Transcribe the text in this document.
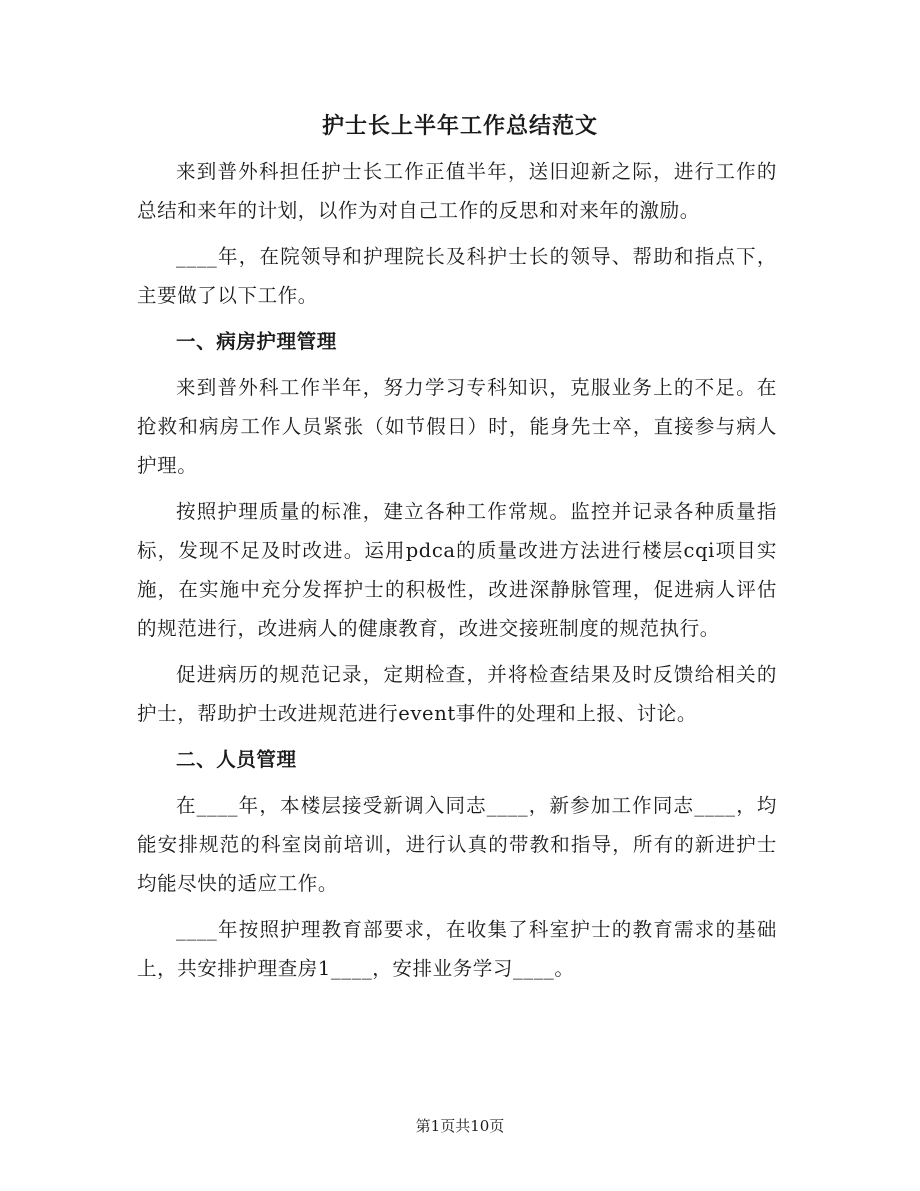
护士长上半年工作总结范文

来到普外科担任护士长工作正值半年，送旧迎新之际，进行工作的总结和来年的计划，以作为对自己工作的反思和对来年的激励。

____年，在院领导和护理院长及科护士长的领导、帮助和指点下，主要做了以下工作。

一、病房护理管理

来到普外科工作半年，努力学习专科知识，克服业务上的不足。在抢救和病房工作人员紧张（如节假日）时，能身先士卒，直接参与病人护理。

按照护理质量的标准，建立各种工作常规。监控并记录各种质量指标，发现不足及时改进。运用pdca的质量改进方法进行楼层cqi项目实施，在实施中充分发挥护士的积极性，改进深静脉管理，促进病人评估的规范进行，改进病人的健康教育，改进交接班制度的规范执行。

促进病历的规范记录，定期检查，并将检查结果及时反馈给相关的护士，帮助护士改进规范进行event事件的处理和上报、讨论。

二、人员管理

在____年，本楼层接受新调入同志____，新参加工作同志____，均能安排规范的科室岗前培训，进行认真的带教和指导，所有的新进护士均能尽快的适应工作。

____年按照护理教育部要求，在收集了科室护士的教育需求的基础上，共安排护理查房1____，安排业务学习____。

第1页共10页
